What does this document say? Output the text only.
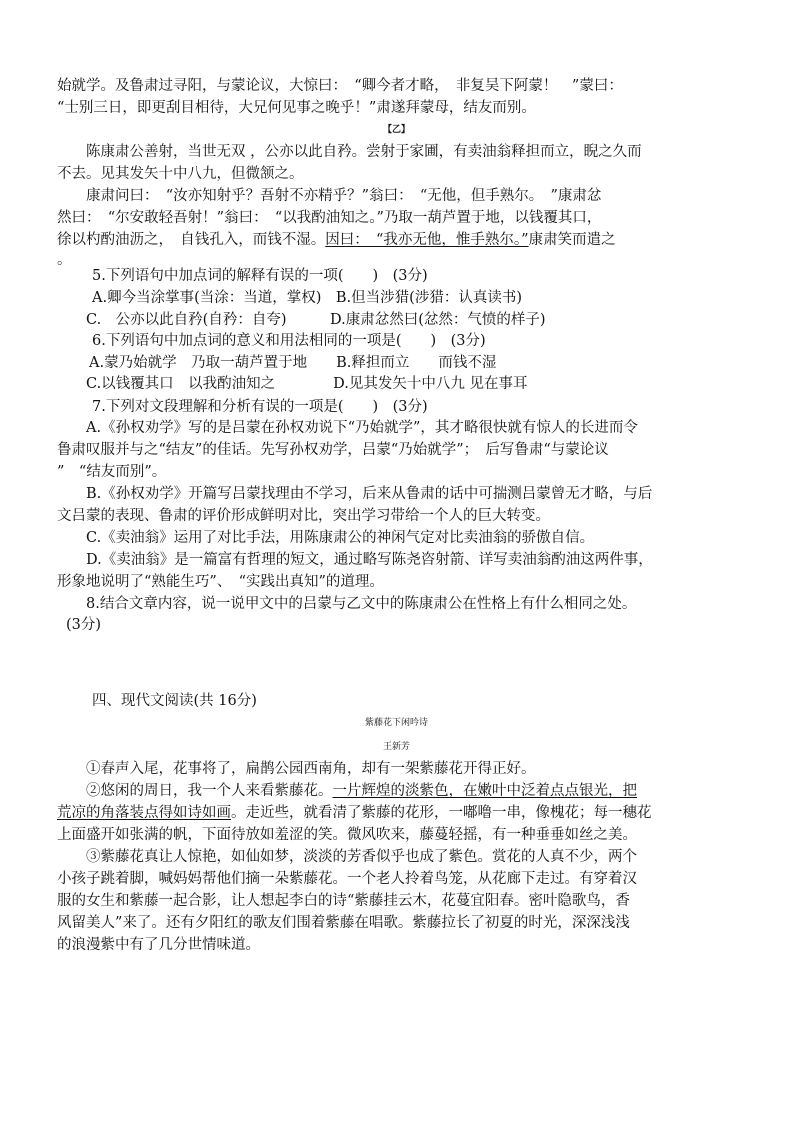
始就学。及鲁肃过寻阳，与蒙论议，大惊曰：　“卿今者才略，　非复吴下阿蒙！　”蒙曰：
“士别三日，即更刮目相待，大兄何见事之晚乎！”肃遂拜蒙母，结友而别。
【乙】
陈康肃公善射，当世无双 ，公亦以此自矜。尝射于家圃，有卖油翁释担而立，睨之久而
不去。见其发矢十中八九，但微颔之。
康肃问曰：　“汝亦知射乎？吾射不亦精乎？”翁曰：　“无他，但手熟尔。　”康肃忿
然曰：　“尔安敢轻吾射！”翁曰：　“以我酌油知之。”乃取一葫芦置于地，以钱覆其口，
徐以杓酌油沥之，　自钱孔入，而钱不湿。因曰：　“我亦无他，惟手熟尔。”康肃笑而遣之
。
5.下列语句中加点词的解释有误的一项(　　)　(3分)
A.卿今当涂掌事(当涂：当道，掌权)　B.但当涉猎(涉猎：认真读书)
C.　公亦以此自矜(自矜：自夸)　　　D.康肃忿然曰(忿然：气愤的样子)
6.下列语句中加点词的意义和用法相同的一项是(　　)　(3分)
A.蒙乃始就学　乃取一葫芦置于地　　B.释担而立　　而钱不湿
C.以钱覆其口　以我酌油知之　　　　D.见其发矢十中八九 见在事耳
7.下列对文段理解和分析有误的一项是(　　)　(3分)
A.《孙权劝学》写的是吕蒙在孙权劝说下“乃始就学”，其才略很快就有惊人的长进而令
鲁肃叹服并与之“结友”的佳话。先写孙权劝学，吕蒙“乃始就学”；　后写鲁肃“与蒙论议
”　“结友而别”。
B.《孙权劝学》开篇写吕蒙找理由不学习，后来从鲁肃的话中可揣测吕蒙曾无才略，与后
文吕蒙的表现、鲁肃的评价形成鲜明对比，突出学习带给一个人的巨大转变。
C.《卖油翁》运用了对比手法，用陈康肃公的神闲气定对比卖油翁的骄傲自信。
D.《卖油翁》是一篇富有哲理的短文，通过略写陈尧咨射箭、详写卖油翁酌油这两件事，
形象地说明了“熟能生巧”、　“实践出真知”的道理。
8.结合文章内容，说一说甲文中的吕蒙与乙文中的陈康肃公在性格上有什么相同之处。
(3分)
四、现代文阅读(共 16分)
紫藤花下闲吟诗
王新芳
①春声入尾，花事将了，扁鹊公园西南角，却有一架紫藤花开得正好。
②悠闲的周日，我一个人来看紫藤花。一片辉煌的淡紫色，在嫩叶中泛着点点银光，把
荒凉的角落装点得如诗如画。走近些，就看清了紫藤的花形，一嘟噜一串，像槐花；每一穗花
上面盛开如张满的帆，下面待放如羞涩的笑。微风吹来，藤蔓轻摇，有一种垂垂如丝之美。
③紫藤花真让人惊艳，如仙如梦，淡淡的芳香似乎也成了紫色。赏花的人真不少，两个
小孩子跳着脚，喊妈妈帮他们摘一朵紫藤花。一个老人拎着鸟笼，从花廊下走过。有穿着汉
服的女生和紫藤一起合影，让人想起李白的诗“紫藤挂云木，花蔓宜阳春。密叶隐歌鸟，香
风留美人”来了。还有夕阳红的歌友们围着紫藤在唱歌。紫藤拉长了初夏的时光，深深浅浅
的浪漫紫中有了几分世情味道。
